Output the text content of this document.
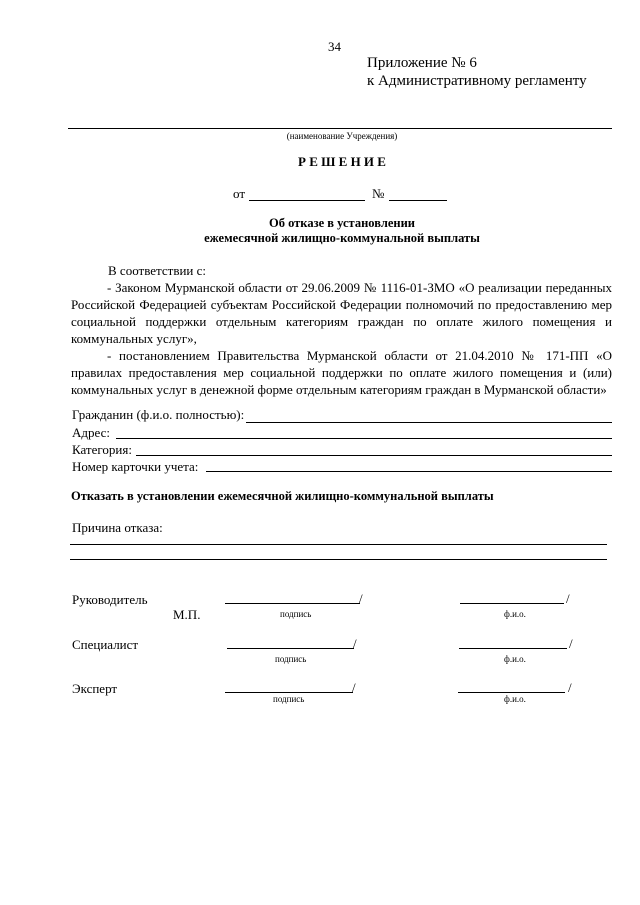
34
Приложение № 6
к Административному регламенту
(наименование Учреждения)
Р Е Ш Е Н И Е
от	№
Об отказе в установлении
ежемесячной жилищно-коммунальной выплаты
В соответствии с:
- Законом Мурманской области от 29.06.2009 № 1116-01-ЗМО «О реализации переданных Российской Федерацией субъектам Российской Федерации полномочий по предоставлению мер социальной поддержки отдельным категориям граждан по оплате жилого помещения и коммунальных услуг»,
- постановлением Правительства Мурманской области от 21.04.2010 № 171-ПП «О правилах предоставления мер социальной поддержки по оплате жилого помещения и (или) коммунальных услуг в денежной форме отдельным категориям граждан в Мурманской области»
Гражданин (ф.и.о. полностью):
Адрес:
Категория:
Номер карточки учета:
Отказать в установлении ежемесячной жилищно-коммунальной выплаты
Причина отказа:
Руководитель	/	/
М.П.	подпись	ф.и.о.
Специалист	/	/
подпись	ф.и.о.
Эксперт	/	/
подпись	ф.и.о.
